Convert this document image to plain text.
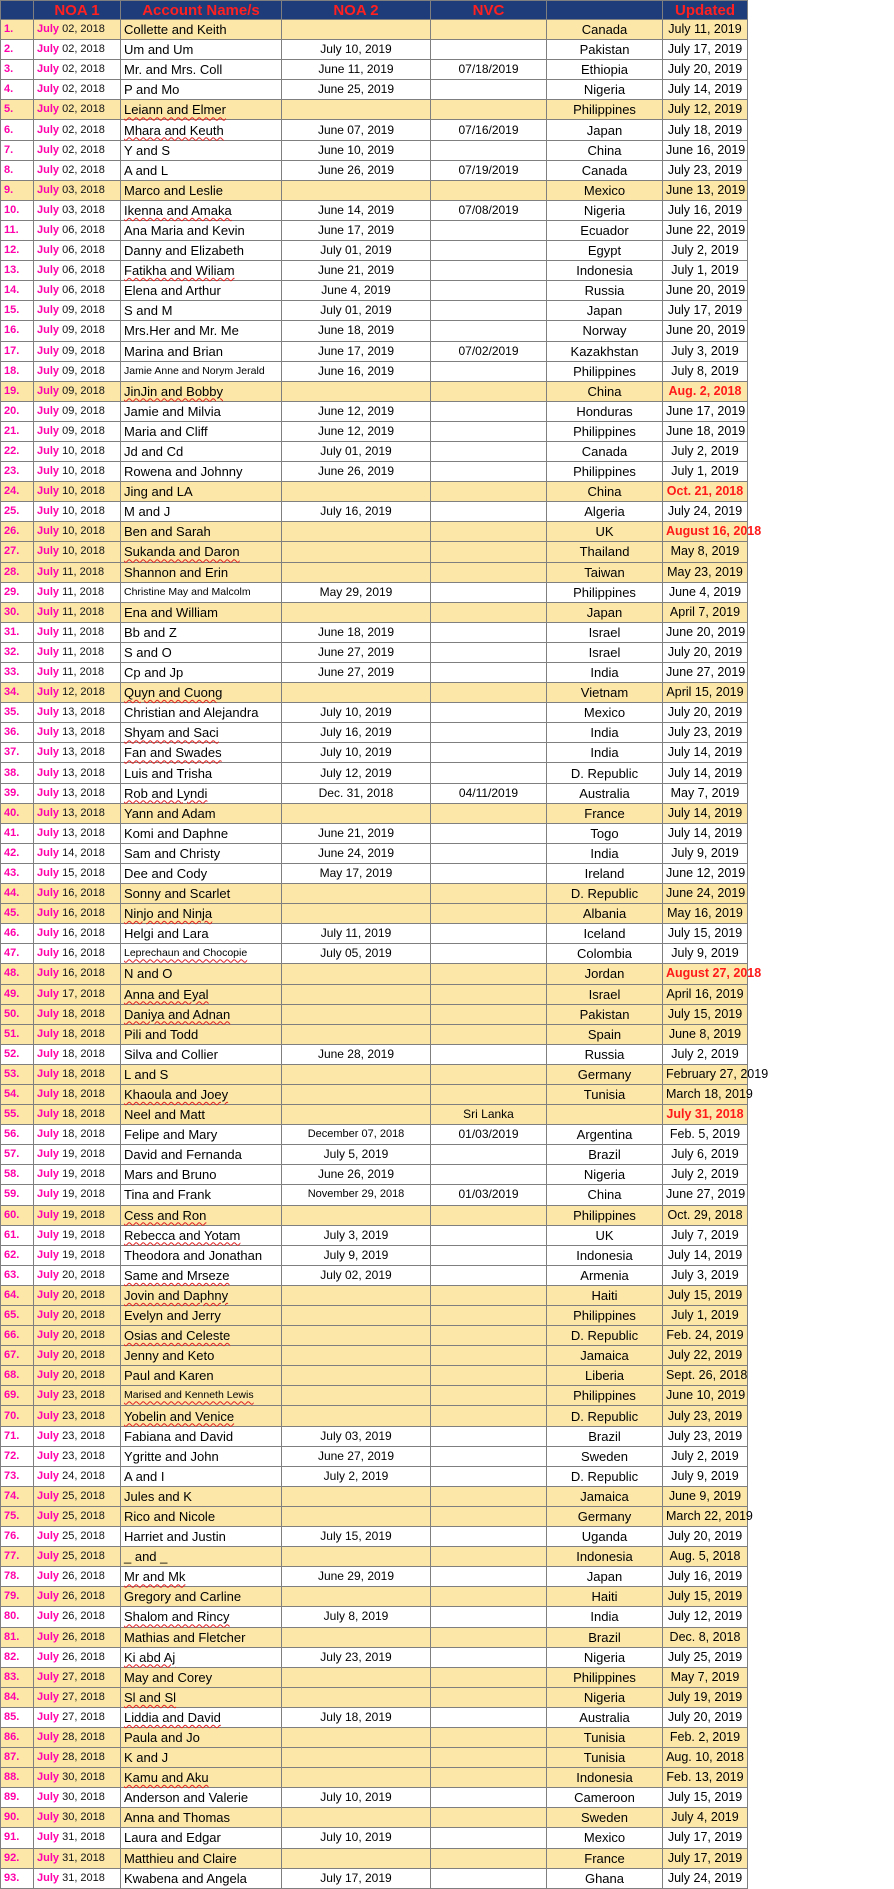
	NOA 1	Account Name/s	NOA 2	NVC		Updated
1.	July 02, 2018	Collette and Keith			Canada	July 11, 2019
2.	July 02, 2018	Um and Um	July 10, 2019		Pakistan	July 17, 2019
3.	July 02, 2018	Mr. and Mrs. Coll	June 11, 2019	07/18/2019	Ethiopia	July 20, 2019
4.	July 02, 2018	P and Mo	June 25, 2019		Nigeria	July 14, 2019
5.	July 02, 2018	Leiann and Elmer			Philippines	July 12, 2019
6.	July 02, 2018	Mhara and Keuth	June 07, 2019	07/16/2019	Japan	July 18, 2019
7.	July 02, 2018	Y and S	June 10, 2019		China	June 16, 2019
8.	July 02, 2018	A and L	June 26, 2019	07/19/2019	Canada	July 23, 2019
9.	July 03, 2018	Marco and Leslie			Mexico	June 13, 2019
10.	July 03, 2018	Ikenna and Amaka	June 14, 2019	07/08/2019	Nigeria	July 16, 2019
11.	July 06, 2018	Ana Maria and Kevin	June 17, 2019		Ecuador	June 22, 2019
12.	July 06, 2018	Danny and Elizabeth	July 01, 2019		Egypt	July 2, 2019
13.	July 06, 2018	Fatikha and Wiliam	June 21, 2019		Indonesia	July 1, 2019
14.	July 06, 2018	Elena and Arthur	June 4, 2019		Russia	June 20, 2019
15.	July 09, 2018	S and M	July 01, 2019		Japan	July 17, 2019
16.	July 09, 2018	Mrs.Her and Mr. Me	June 18, 2019		Norway	June 20, 2019
17.	July 09, 2018	Marina and Brian	June 17, 2019	07/02/2019	Kazakhstan	July 3, 2019
18.	July 09, 2018	Jamie Anne and Norym Jerald	June 16, 2019		Philippines	July 8, 2019
19.	July 09, 2018	JinJin and Bobby			China	Aug. 2, 2018
20.	July 09, 2018	Jamie and Milvia	June 12, 2019		Honduras	June 17, 2019
21.	July 09, 2018	Maria and Cliff	June 12, 2019		Philippines	June 18, 2019
22.	July 10, 2018	Jd and Cd	July 01, 2019		Canada	July 2, 2019
23.	July 10, 2018	Rowena and Johnny	June 26, 2019		Philippines	July 1, 2019
24.	July 10, 2018	Jing and LA			China	Oct. 21, 2018
25.	July 10, 2018	M and J	July 16, 2019		Algeria	July 24, 2019
26.	July 10, 2018	Ben and Sarah			UK	August 16, 2018
27.	July 10, 2018	Sukanda and Daron			Thailand	May 8, 2019
28.	July 11, 2018	Shannon and Erin			Taiwan	May 23, 2019
29.	July 11, 2018	Christine May and Malcolm	May 29, 2019		Philippines	June 4, 2019
30.	July 11, 2018	Ena and William			Japan	April 7, 2019
31.	July 11, 2018	Bb and Z	June 18, 2019		Israel	June 20, 2019
32.	July 11, 2018	S and O	June 27, 2019		Israel	July 20, 2019
33.	July 11, 2018	Cp and Jp	June 27, 2019		India	June 27, 2019
34.	July 12, 2018	Quyn and Cuong			Vietnam	April 15, 2019
35.	July 13, 2018	Christian and Alejandra	July 10, 2019		Mexico	July 20, 2019
36.	July 13, 2018	Shyam and Saci	July 16, 2019		India	July 23, 2019
37.	July 13, 2018	Fan and Swades	July 10, 2019		India	July 14, 2019
38.	July 13, 2018	Luis and Trisha	July 12, 2019		D. Republic	July 14, 2019
39.	July 13, 2018	Rob and Lyndi	Dec. 31, 2018	04/11/2019	Australia	May 7, 2019
40.	July 13, 2018	Yann and Adam			France	July 14, 2019
41.	July 13, 2018	Komi and Daphne	June 21, 2019		Togo	July 14, 2019
42.	July 14, 2018	Sam and Christy	June 24, 2019		India	July 9, 2019
43.	July 15, 2018	Dee and Cody	May 17, 2019		Ireland	June 12, 2019
44.	July 16, 2018	Sonny and Scarlet			D. Republic	June 24, 2019
45.	July 16, 2018	Ninjo and Ninja			Albania	May 16, 2019
46.	July 16, 2018	Helgi and Lara	July 11, 2019		Iceland	July 15, 2019
47.	July 16, 2018	Leprechaun and Chocopie	July 05, 2019		Colombia	July 9, 2019
48.	July 16, 2018	N and O			Jordan	August 27, 2018
49.	July 17, 2018	Anna and Eyal			Israel	April 16, 2019
50.	July 18, 2018	Daniya and Adnan			Pakistan	July 15, 2019
51.	July 18, 2018	Pili and Todd			Spain	June 8, 2019
52.	July 18, 2018	Silva and Collier	June 28, 2019		Russia	July 2, 2019
53.	July 18, 2018	L and S			Germany	February 27, 2019
54.	July 18, 2018	Khaoula and Joey			Tunisia	March 18, 2019
55.	July 18, 2018	Neel and Matt		Sri Lanka		July 31, 2018
56.	July 18, 2018	Felipe and Mary	December 07, 2018	01/03/2019	Argentina	Feb. 5, 2019
57.	July 19, 2018	David and Fernanda	July 5, 2019		Brazil	July 6, 2019
58.	July 19, 2018	Mars and Bruno	June 26, 2019		Nigeria	July 2, 2019
59.	July 19, 2018	Tina and Frank	November 29, 2018	01/03/2019	China	June 27, 2019
60.	July 19, 2018	Cess and Ron			Philippines	Oct. 29, 2018
61.	July 19, 2018	Rebecca and Yotam	July 3, 2019		UK	July 7, 2019
62.	July 19, 2018	Theodora and Jonathan	July 9, 2019		Indonesia	July 14, 2019
63.	July 20, 2018	Same and Mrseze	July 02, 2019		Armenia	July 3, 2019
64.	July 20, 2018	Jovin and Daphny			Haiti	July 15, 2019
65.	July 20, 2018	Evelyn and Jerry			Philippines	July 1, 2019
66.	July 20, 2018	Osias and Celeste			D. Republic	Feb. 24, 2019
67.	July 20, 2018	Jenny and Keto			Jamaica	July 22, 2019
68.	July 20, 2018	Paul and Karen			Liberia	Sept. 26, 2018
69.	July 23, 2018	Marised and Kenneth Lewis			Philippines	June 10, 2019
70.	July 23, 2018	Yobelin and Venice			D. Republic	July 23, 2019
71.	July 23, 2018	Fabiana and David	July 03, 2019		Brazil	July 23, 2019
72.	July 23, 2018	Ygritte and John	June 27, 2019		Sweden	July 2, 2019
73.	July 24, 2018	A and I	July 2, 2019		D. Republic	July 9, 2019
74.	July 25, 2018	Jules and K			Jamaica	June 9, 2019
75.	July 25, 2018	Rico and Nicole			Germany	March 22, 2019
76.	July 25, 2018	Harriet and Justin	July 15, 2019		Uganda	July 20, 2019
77.	July 25, 2018	_ and _			Indonesia	Aug. 5, 2018
78.	July 26, 2018	Mr and Mk	June 29, 2019		Japan	July 16, 2019
79.	July 26, 2018	Gregory and Carline			Haiti	July 15, 2019
80.	July 26, 2018	Shalom and Rincy	July 8, 2019		India	July 12, 2019
81.	July 26, 2018	Mathias and Fletcher			Brazil	Dec. 8, 2018
82.	July 26, 2018	Ki abd Aj	July 23, 2019		Nigeria	July 25, 2019
83.	July 27, 2018	May and Corey			Philippines	May 7, 2019
84.	July 27, 2018	Sl and Sl			Nigeria	July 19, 2019
85.	July 27, 2018	Liddia and David	July 18, 2019		Australia	July 20, 2019
86.	July 28, 2018	Paula and Jo			Tunisia	Feb. 2, 2019
87.	July 28, 2018	K and J			Tunisia	Aug. 10, 2018
88.	July 30, 2018	Kamu and Aku			Indonesia	Feb. 13, 2019
89.	July 30, 2018	Anderson and Valerie	July 10, 2019		Cameroon	July 15, 2019
90.	July 30, 2018	Anna and Thomas			Sweden	July 4, 2019
91.	July 31, 2018	Laura and Edgar	July 10, 2019		Mexico	July 17, 2019
92.	July 31, 2018	Matthieu and Claire			France	July 17, 2019
93.	July 31, 2018	Kwabena and Angela	July 17, 2019		Ghana	July 24, 2019
